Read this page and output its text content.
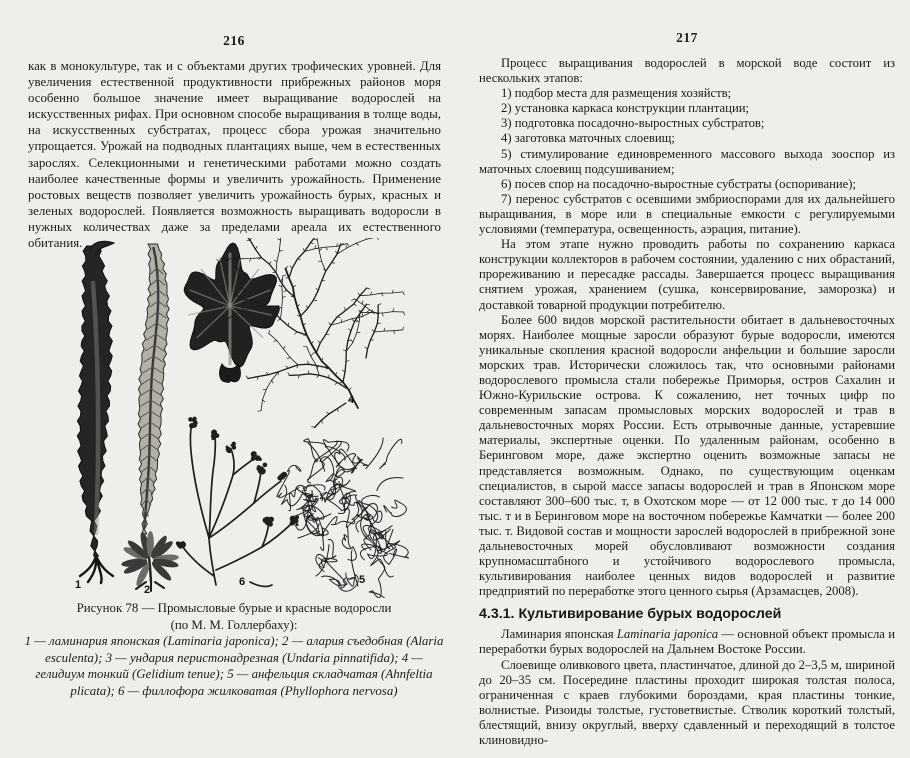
216

как в монокультуре, так и с объектами других трофических уровней. Для увеличения естественной продуктивности прибрежных районов моря особенно большое значение имеет выращивание водорослей на искусственных рифах. При основном способе выращивания в толще воды, на искусственных субстратах, процесс сбора урожая значительно упрощается. Урожай на подводных плантациях выше, чем в естественных зарослях. Селекционными и генетическими работами можно создать наиболее качественные формы и увеличить урожайность. Применение ростовых веществ позволяет увеличить урожайность бурых, красных и зеленых водорослей. Появляется возможность выращивать водоросли в нужных количествах даже за пределами ареала их естественного обитания.

1	2
3
4
5
6
Рисунок 78 — Промысловые бурые и красные водоросли
(по М. М. Голлербаху):
1 — ламинария японская (Laminaria japonica); 2 — алария съедобная (Alaria esculenta); 3 — ундария перистонадрезная (Undaria pinnatifida); 4 — гелидиум тонкий (Gelidium tenue); 5 — анфельция складчатая (Ahnfeltia plicata); 6 — филлофора жилковатая (Phyllophora nervosa)
217

Процесс выращивания водорослей в морской воде состоит из нескольких этапов:

1) подбор места для размещения хозяйств;

2) установка каркаса конструкции плантации;

3) подготовка посадочно-выростных субстратов;

4) заготовка маточных слоевищ;

5) стимулирование единовременного массового выхода зооспор из маточных слоевищ подсушиванием;

6) посев спор на посадочно-выростные субстраты (оспоривание);

7) перенос субстратов с осевшими эмбриоспорами для их дальнейшего выращивания, в море или в специальные емкости с регулируемыми условиями (температура, освещенность, аэрация, питание).

На этом этапе нужно проводить работы по сохранению каркаса конструкции коллекторов в рабочем состоянии, удалению с них обрастаний, прореживанию и пересадке рассады. Завершается процесс выращивания снятием урожая, хранением (сушка, консервирование, заморозка) и доставкой товарной продукции потребителю.

Более 600 видов морской растительности обитает в дальневосточных морях. Наиболее мощные заросли образуют бурые водоросли, имеются уникальные скопления красной водоросли анфельции и большие заросли морских трав. Исторически сложилось так, что основными районами водорослевого промысла стали побережье Приморья, остров Сахалин и Южно-Курильские острова. К сожалению, нет точных цифр по современным запасам промысловых морских водорослей и трав в дальневосточных морях России. Есть отрывочные данные, устаревшие материалы, экспертные оценки. По удаленным районам, особенно в Беринговом море, даже экспертно оценить возможные запасы не представляется возможным. Однако, по существующим оценкам специалистов, в сырой массе запасы водорослей и трав в Японском море составляют 300–600 тыс. т, в Охотском море — от 12 000 тыс. т до 14 000 тыс. т и в Беринговом море на восточном побережье Камчатки — более 200 тыс. т. Видовой состав и мощности зарослей водорослей в прибрежной зоне дальневосточных морей обусловливают возможности создания крупномасштабного и устойчивого водорослевого промысла, культивирования наиболее ценных видов водорослей и развитие предприятий по переработке этого ценного сырья (Арзамасцев, 2008).

4.3.1. Культивирование бурых водорослей

Ламинария японская Laminaria japonica — основной объект промысла и переработки бурых водорослей на Дальнем Востоке России.

Слоевище оливкового цвета, пластинчатое, длиной до 2–3,5 м, шириной до 20–35 см. Посередине пластины проходит широкая толстая полоса, ограниченная с краев глубокими бороздами, края пластины тонкие, волнистые. Ризоиды толстые, густоветвистые. Стволик короткий толстый, блестящий, внизу округлый, вверху сдавленный и переходящий в толстое клиновидно-
